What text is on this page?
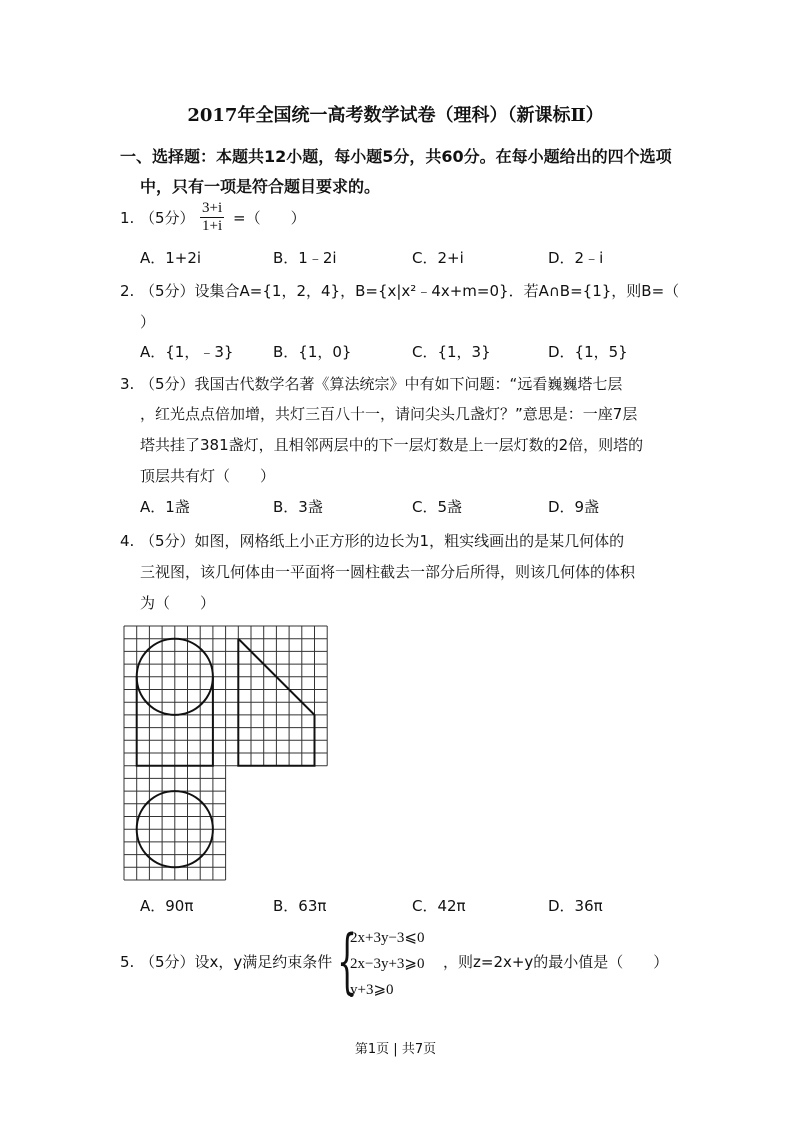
2017年全国统一高考数学试卷（理科）（新课标Ⅱ）
一、选择题：本题共12小题，每小题5分，共60分。在每小题给出的四个选项
中，只有一项是符合题目要求的。
1. （5分） $\frac{3+i}{1+i}$ =（　　）
A．1+2i	B．1﹣2i	C．2+i	D．2﹣i
2. （5分）设集合A={1，2，4}，B={x|x²﹣4x+m=0}．若A∩B={1}，则B=（
）
A．{1，﹣3}	B．{1，0}	C．{1，3}	D．{1，5}
3. （5分）我国古代数学名著《算法统宗》中有如下问题：“远看巍巍塔七层
，红光点点倍加增，共灯三百八十一，请问尖头几盏灯？”意思是：一座7层
塔共挂了381盏灯，且相邻两层中的下一层灯数是上一层灯数的2倍，则塔的
顶层共有灯（　　）
A．1盏	B．3盏	C．5盏	D．9盏
4. （5分）如图，网格纸上小正方形的边长为1，粗实线画出的是某几何体的
三视图，该几何体由一平面将一圆柱截去一部分后所得，则该几何体的体积
为（　　）
A．90π	B．63π	C．42π	D．36π
5. （5分）设x，y满足约束条件 {
2x+3y−3⩽0
2x−3y+3⩾0
y+3⩾0
，则z=2x+y的最小值是（　　）
第1页 | 共7页
